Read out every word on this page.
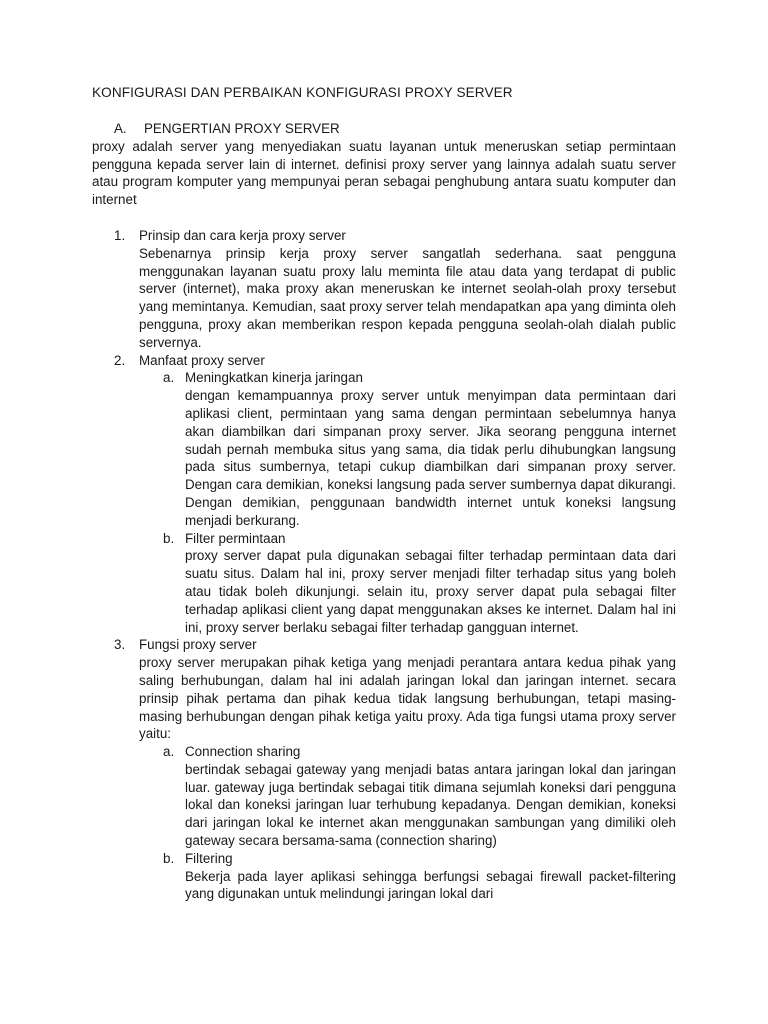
KONFIGURASI DAN PERBAIKAN KONFIGURASI PROXY SERVER
A.	PENGERTIAN PROXY SERVER

proxy adalah server yang menyediakan suatu layanan untuk meneruskan setiap permintaan pengguna kepada server lain di internet. definisi proxy server yang lainnya adalah suatu server atau program komputer yang mempunyai peran sebagai penghubung antara suatu komputer dan internet

1.	Prinsip dan cara kerja proxy server

Sebenarnya prinsip kerja proxy server sangatlah sederhana. saat pengguna menggunakan layanan suatu proxy lalu meminta file atau data yang terdapat di public server (internet), maka proxy akan meneruskan ke internet seolah-olah proxy tersebut yang memintanya. Kemudian, saat proxy server telah mendapatkan apa yang diminta oleh pengguna, proxy akan memberikan respon kepada pengguna seolah-olah dialah public servernya.

2.	Manfaat proxy server
a. Meningkatkan kinerja jaringan

dengan kemampuannya proxy server untuk menyimpan data permintaan dari aplikasi client, permintaan yang sama dengan permintaan sebelumnya hanya akan diambilkan dari simpanan proxy server. Jika seorang pengguna internet sudah pernah membuka situs yang sama, dia tidak perlu dihubungkan langsung pada situs sumbernya, tetapi cukup diambilkan dari simpanan proxy server. Dengan cara demikian, koneksi langsung pada server sumbernya dapat dikurangi. Dengan demikian, penggunaan bandwidth internet untuk koneksi langsung menjadi berkurang.

b. Filter permintaan

proxy server dapat pula digunakan sebagai filter terhadap permintaan data dari suatu situs. Dalam hal ini, proxy server menjadi filter terhadap situs yang boleh atau tidak boleh dikunjungi. selain itu, proxy server dapat pula sebagai filter terhadap aplikasi client yang dapat menggunakan akses ke internet. Dalam hal ini ini, proxy server berlaku sebagai filter terhadap gangguan internet.

3.	Fungsi proxy server

proxy server merupakan pihak ketiga yang menjadi perantara antara kedua pihak yang saling berhubungan, dalam hal ini adalah jaringan lokal dan jaringan internet. secara prinsip pihak pertama dan pihak kedua tidak langsung berhubungan, tetapi masing-masing berhubungan dengan pihak ketiga yaitu proxy. Ada tiga fungsi utama proxy server yaitu:

a. Connection sharing

bertindak sebagai gateway yang menjadi batas antara jaringan lokal dan jaringan luar. gateway juga bertindak sebagai titik dimana sejumlah koneksi dari pengguna lokal dan koneksi jaringan luar terhubung kepadanya. Dengan demikian, koneksi dari jaringan lokal ke internet akan menggunakan sambungan yang dimiliki oleh gateway secara bersama-sama (connection sharing)

b. Filtering

Bekerja pada layer aplikasi sehingga berfungsi sebagai firewall packet-filtering yang digunakan untuk melindungi jaringan lokal dari
